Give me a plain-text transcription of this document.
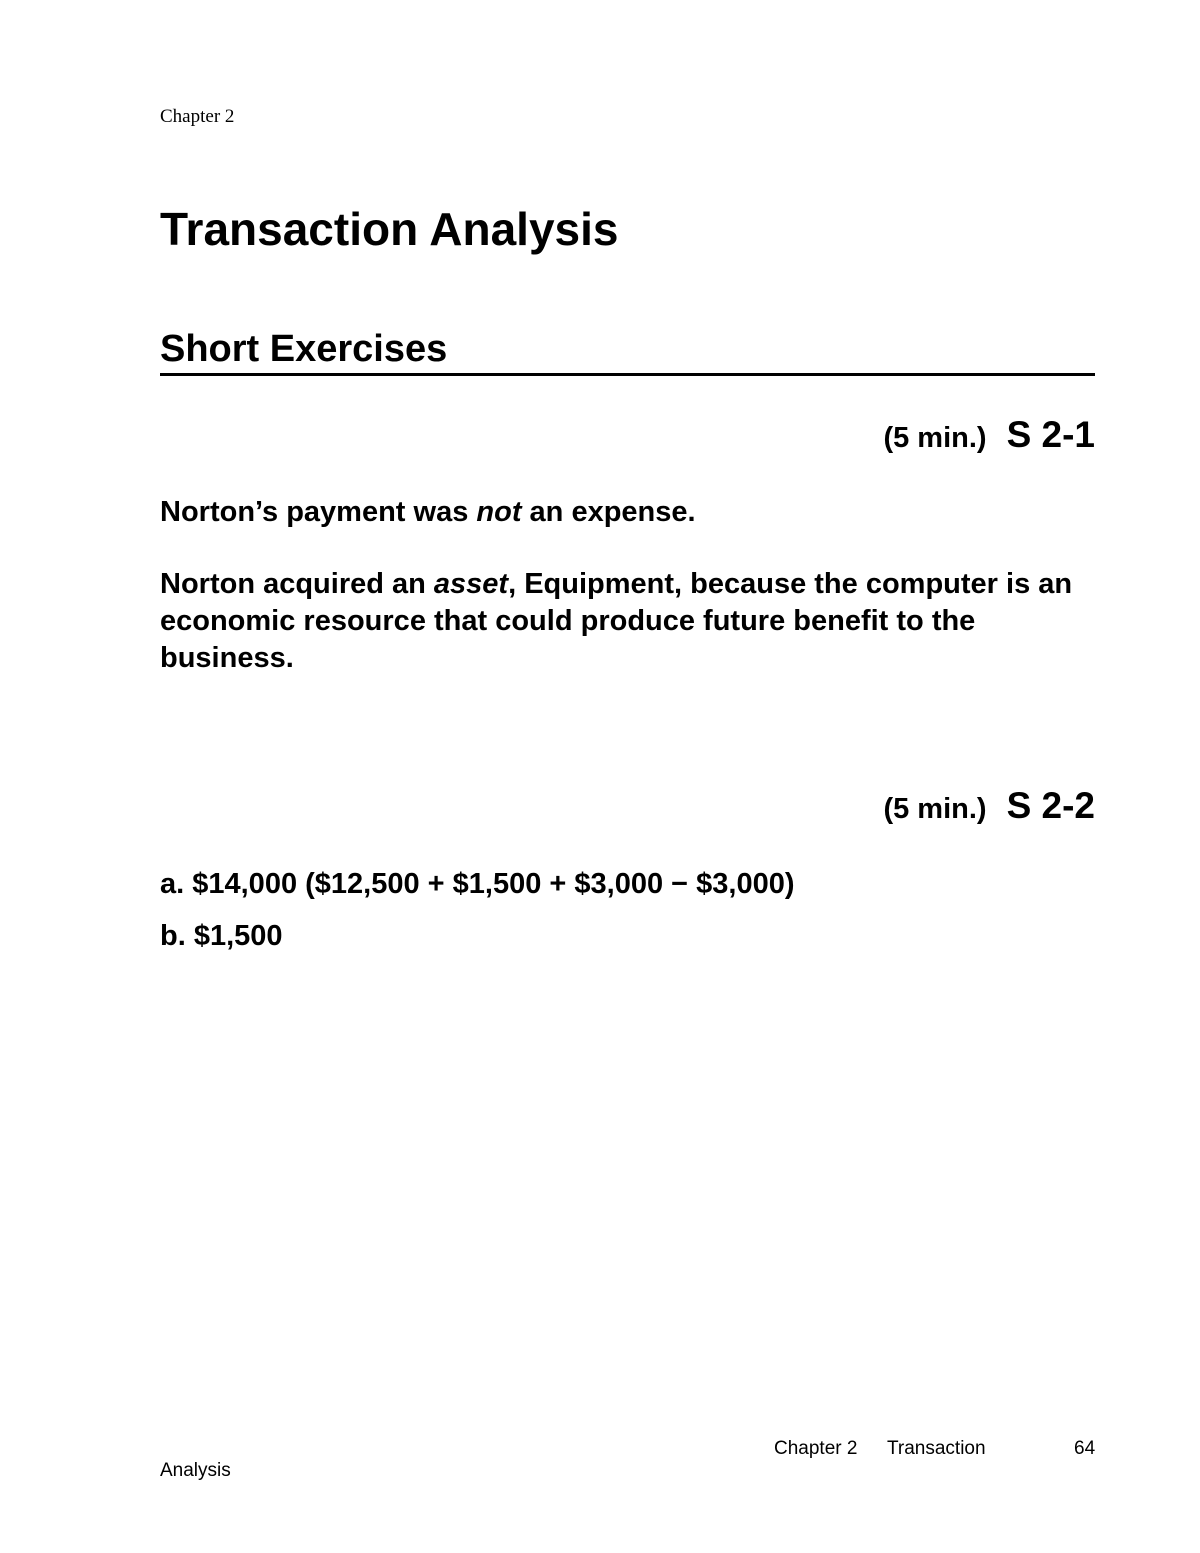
Chapter 2
Transaction Analysis
Short Exercises
(5 min.) S 2-1
Norton’s payment was not an expense.
Norton acquired an asset, Equipment, because the computer is an economic resource that could produce future benefit to the business.
(5 min.) S 2-2
a. $14,000 ($12,500 + $1,500 + $3,000 − $3,000)
b. $1,500
Chapter 2 Transaction	64
Analysis
